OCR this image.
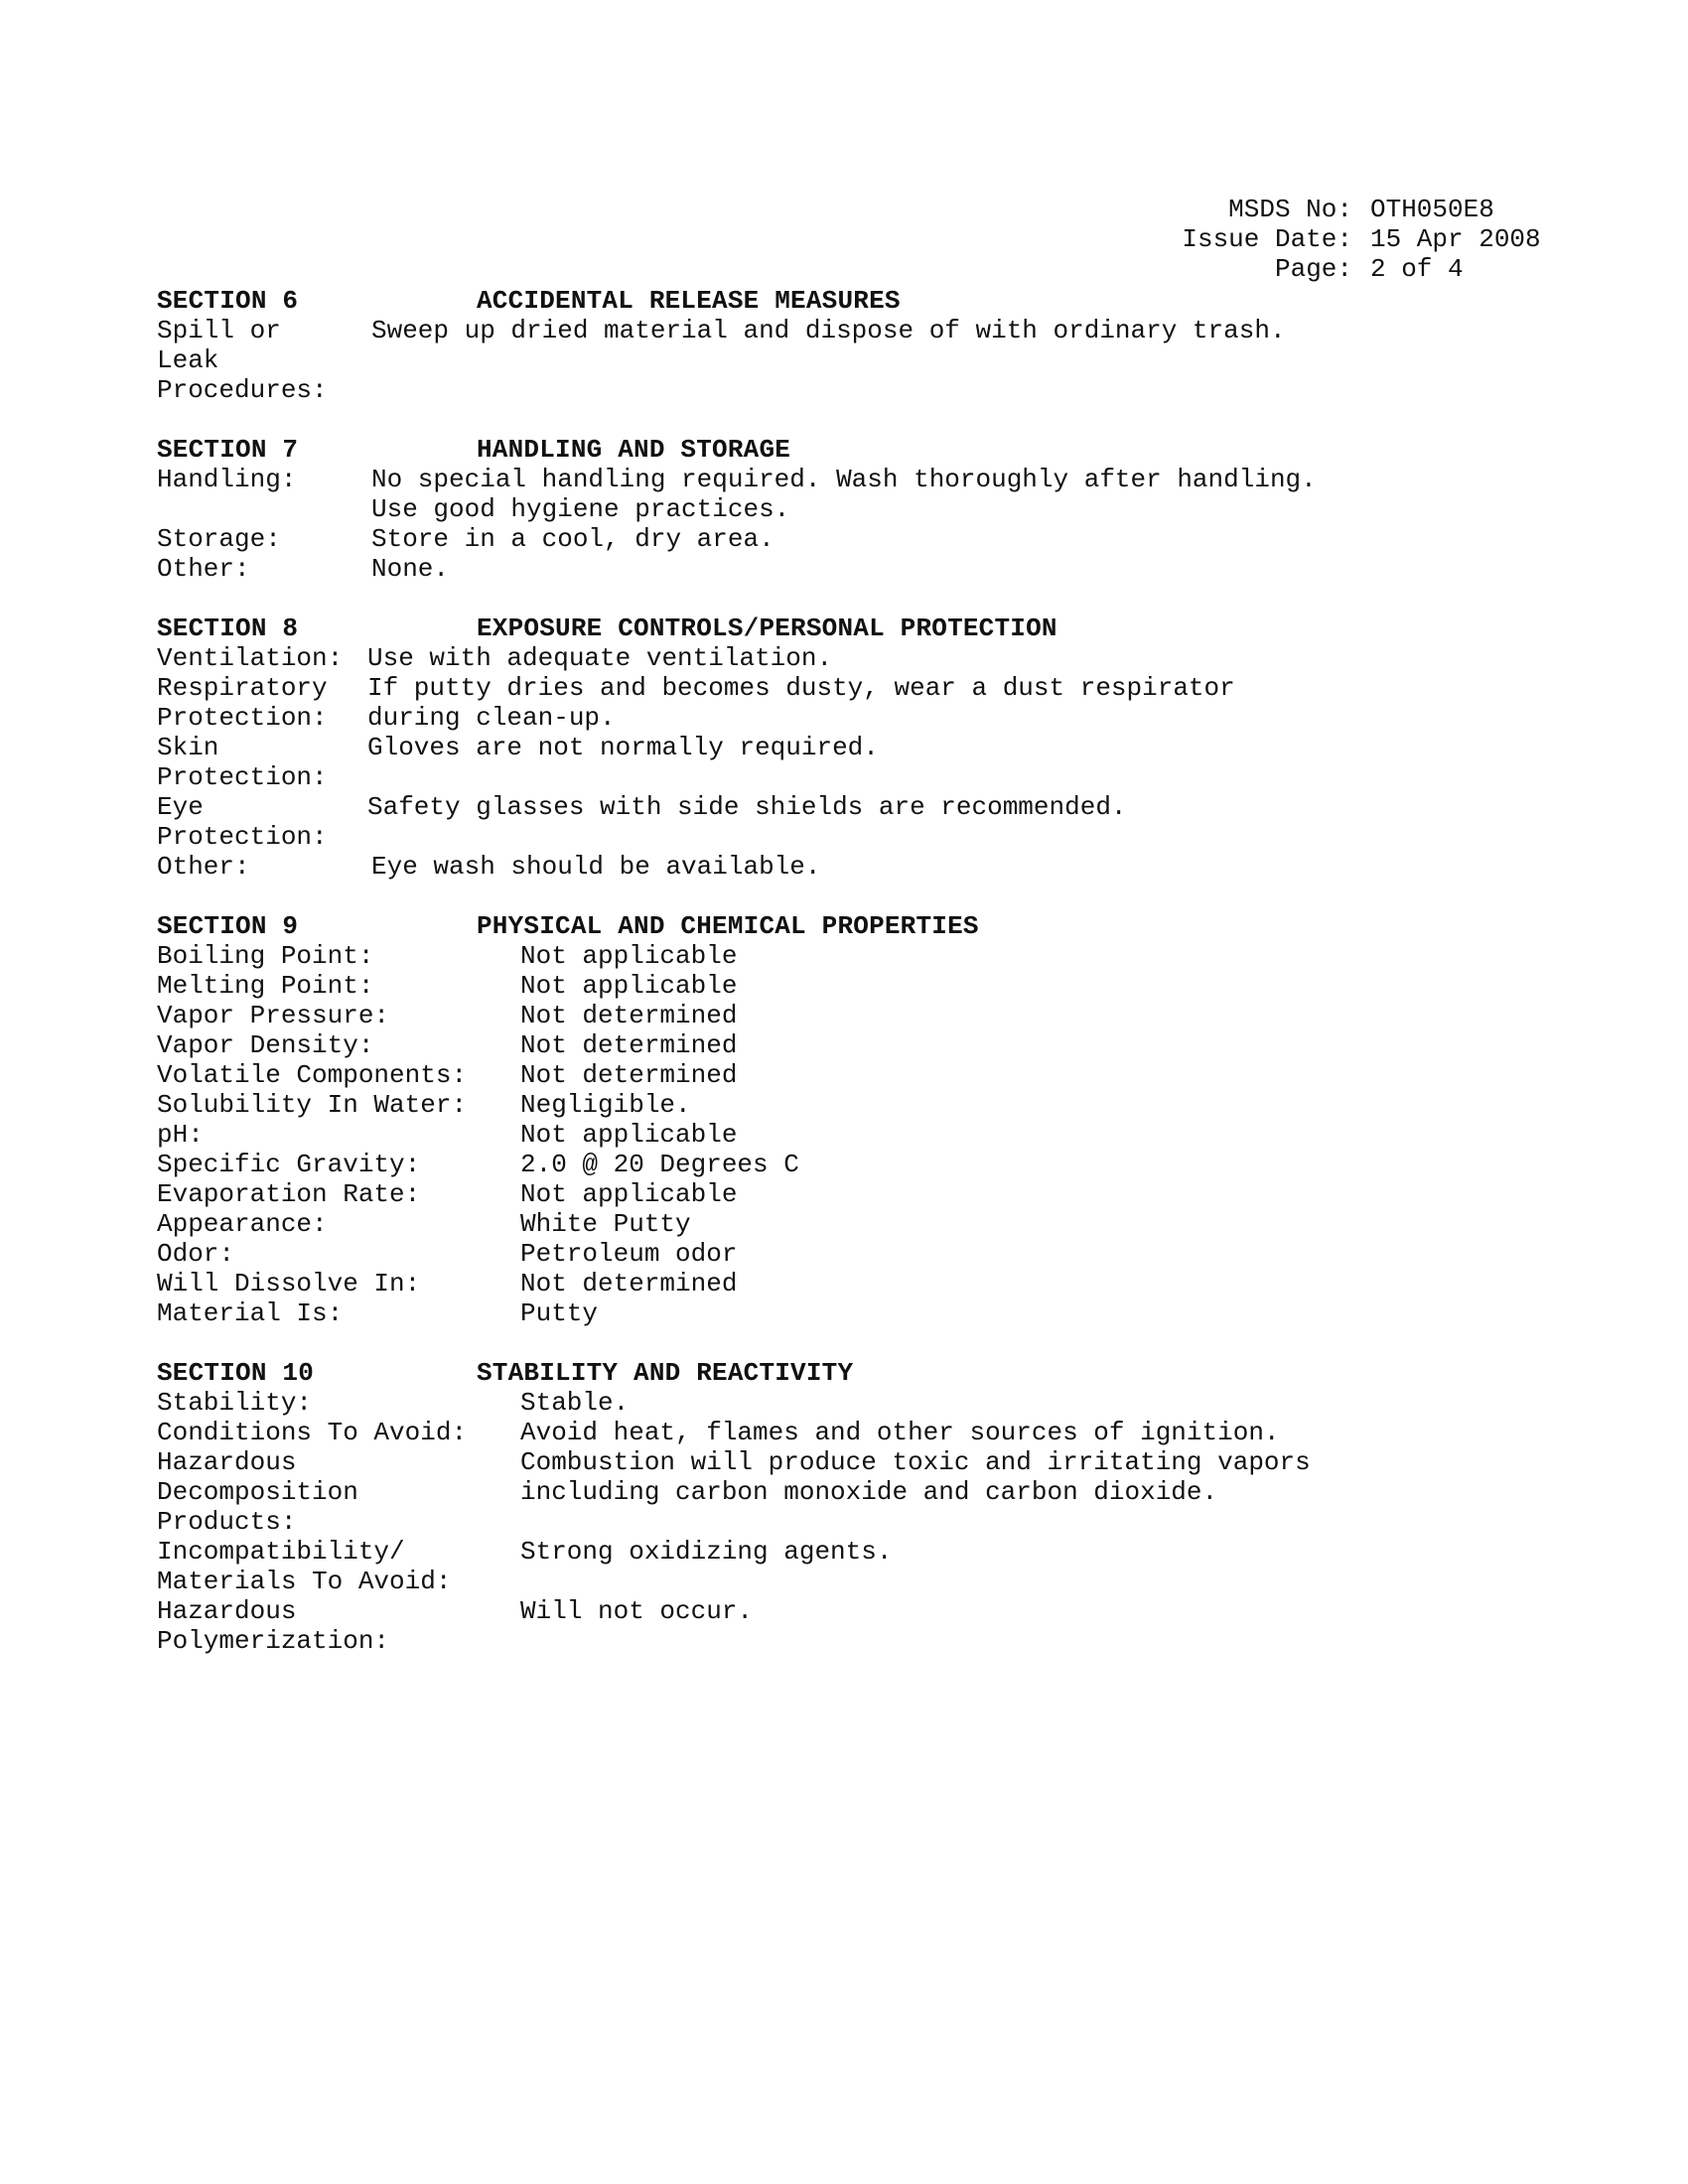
MSDS No: OTH050E8
Issue Date: 15 Apr 2008
Page: 2 of 4
SECTION 6	ACCIDENTAL RELEASE MEASURES
Spill or
Leak
Procedures:
Sweep up dried material and dispose of with ordinary trash.
SECTION 7	HANDLING AND STORAGE
Handling:	No special handling required. Wash thoroughly after handling.
Use good hygiene practices.
Storage:	Store in a cool, dry area.
Other:	None.
SECTION 8	EXPOSURE CONTROLS/PERSONAL PROTECTION
Ventilation: Use with adequate ventilation.
Respiratory
Protection:
If putty dries and becomes dusty, wear a dust respirator
during clean-up.
Skin
Protection:
Gloves are not normally required.
Eye
Protection:
Safety glasses with side shields are recommended.
Other:	Eye wash should be available.
SECTION 9	PHYSICAL AND CHEMICAL PROPERTIES
Boiling Point:	Not applicable
Melting Point:	Not applicable
Vapor Pressure:	Not determined
Vapor Density:	Not determined
Volatile Components:	Not determined
Solubility In Water:	Negligible.
pH:	Not applicable
Specific Gravity:	2.0 @ 20 Degrees C
Evaporation Rate:	Not applicable
Appearance:	White Putty
Odor:	Petroleum odor
Will Dissolve In:	Not determined
Material Is:	Putty
SECTION 10	STABILITY AND REACTIVITY
Stability:	Stable.
Conditions To Avoid:	Avoid heat, flames and other sources of ignition.
Hazardous
Decomposition
Products:
Combustion will produce toxic and irritating vapors
including carbon monoxide and carbon dioxide.
Incompatibility/
Materials To Avoid:
Strong oxidizing agents.
Hazardous
Polymerization:
Will not occur.
